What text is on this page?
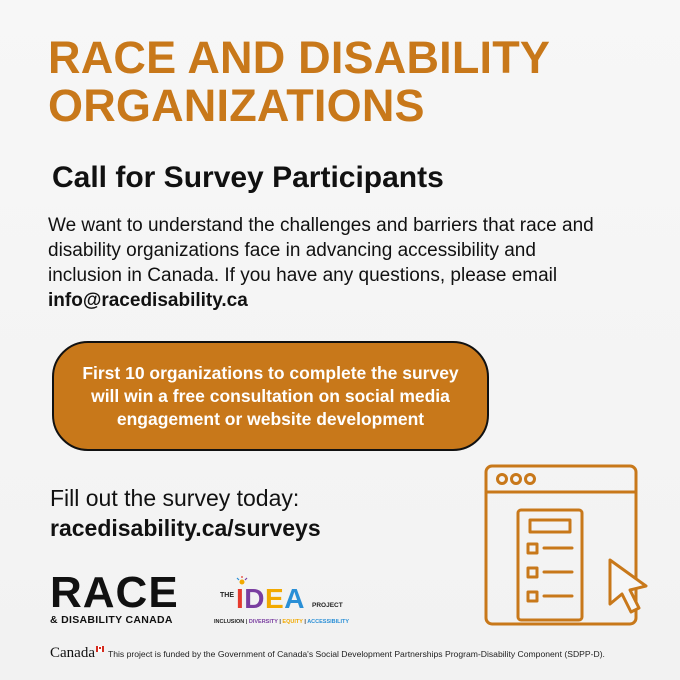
RACE AND DISABILITY
ORGANIZATIONS
Call for Survey Participants
We want to understand the challenges and barriers that race and disability organizations face in advancing accessibility and inclusion in Canada. If you have any questions, please email info@racedisability.ca
First 10 organizations to complete the survey will win a free consultation on social media engagement or website development
Fill out the survey today:
racedisability.ca/surveys
RACE
& DISABILITY CANADA
THE IDEA PROJECT
INCLUSION | DIVERSITY | EQUITY | ACCESSIBILITY
Canada This project is funded by the Government of Canada's Social Development Partnerships Program-Disability Component (SDPP-D).
